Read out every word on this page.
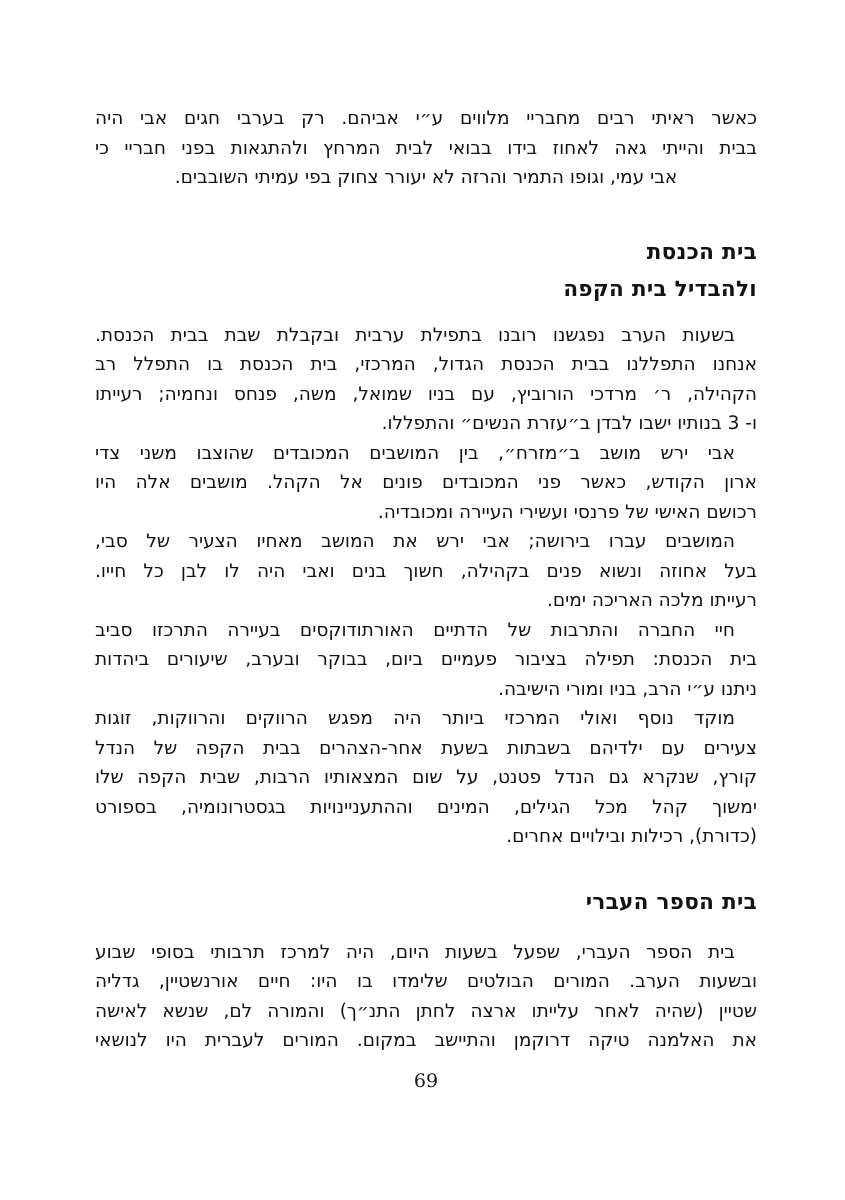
כאשר ראיתי רבים מחבריי מלווים ע״י אביהם. רק בערבי חגים אבי היה
בבית והייתי גאה לאחוז בידו בבואי לבית המרחץ ולהתגאות בפני חבריי כי
אבי עמי, וגופו התמיר והרזה לא יעורר צחוק בפי עמיתי השובבים.
בית הכנסת
ולהבדיל בית הקפה
בשעות הערב נפגשנו רובנו בתפילת ערבית ובקבלת שבת בבית הכנסת.
אנחנו התפללנו בבית הכנסת הגדול, המרכזי, בית הכנסת בו התפלל רב
הקהילה, ר׳ מרדכי הורוביץ, עם בניו שמואל, משה, פנחס ונחמיה; רעייתו
ו- 3 בנותיו ישבו לבדן ב״עזרת הנשים״ והתפללו.
אבי ירש מושב ב״מזרח״, בין המושבים המכובדים שהוצבו משני צדי
ארון הקודש, כאשר פני המכובדים פונים אל הקהל. מושבים אלה היו
רכושם האישי של פרנסי ועשירי העיירה ומכובדיה.
המושבים עברו בירושה; אבי ירש את המושב מאחיו הצעיר של סבי,
בעל אחוזה ונשוא פנים בקהילה, חשוך בנים ואבי היה לו לבן כל חייו.
רעייתו מלכה האריכה ימים.
חיי החברה והתרבות של הדתיים האורתודוקסים בעיירה התרכזו סביב
בית הכנסת: תפילה בציבור פעמיים ביום, בבוקר ובערב, שיעורים ביהדות
ניתנו ע״י הרב, בניו ומורי הישיבה.
מוקד נוסף ואולי המרכזי ביותר היה מפגש הרווקים והרווקות, זוגות
צעירים עם ילדיהם בשבתות בשעת אחר-הצהרים בבית הקפה של הנדל
קורץ, שנקרא גם הנדל פטנט, על שום המצאותיו הרבות, שבית הקפה שלו
ימשוך קהל מכל הגילים, המינים וההתעניינויות בגסטרונומיה, בספורט
(כדורת), רכילות ובילויים אחרים.
בית הספר העברי
בית הספר העברי, שפעל בשעות היום, היה למרכז תרבותי בסופי שבוע
ובשעות הערב. המורים הבולטים שלימדו בו היו: חיים אורנשטיין, גדליה
שטיין (שהיה לאחר עלייתו ארצה לחתן התנ״ך) והמורה לם, שנשא לאישה
את האלמנה טיקה דרוקמן והתיישב במקום. המורים לעברית היו לנושאי
69
